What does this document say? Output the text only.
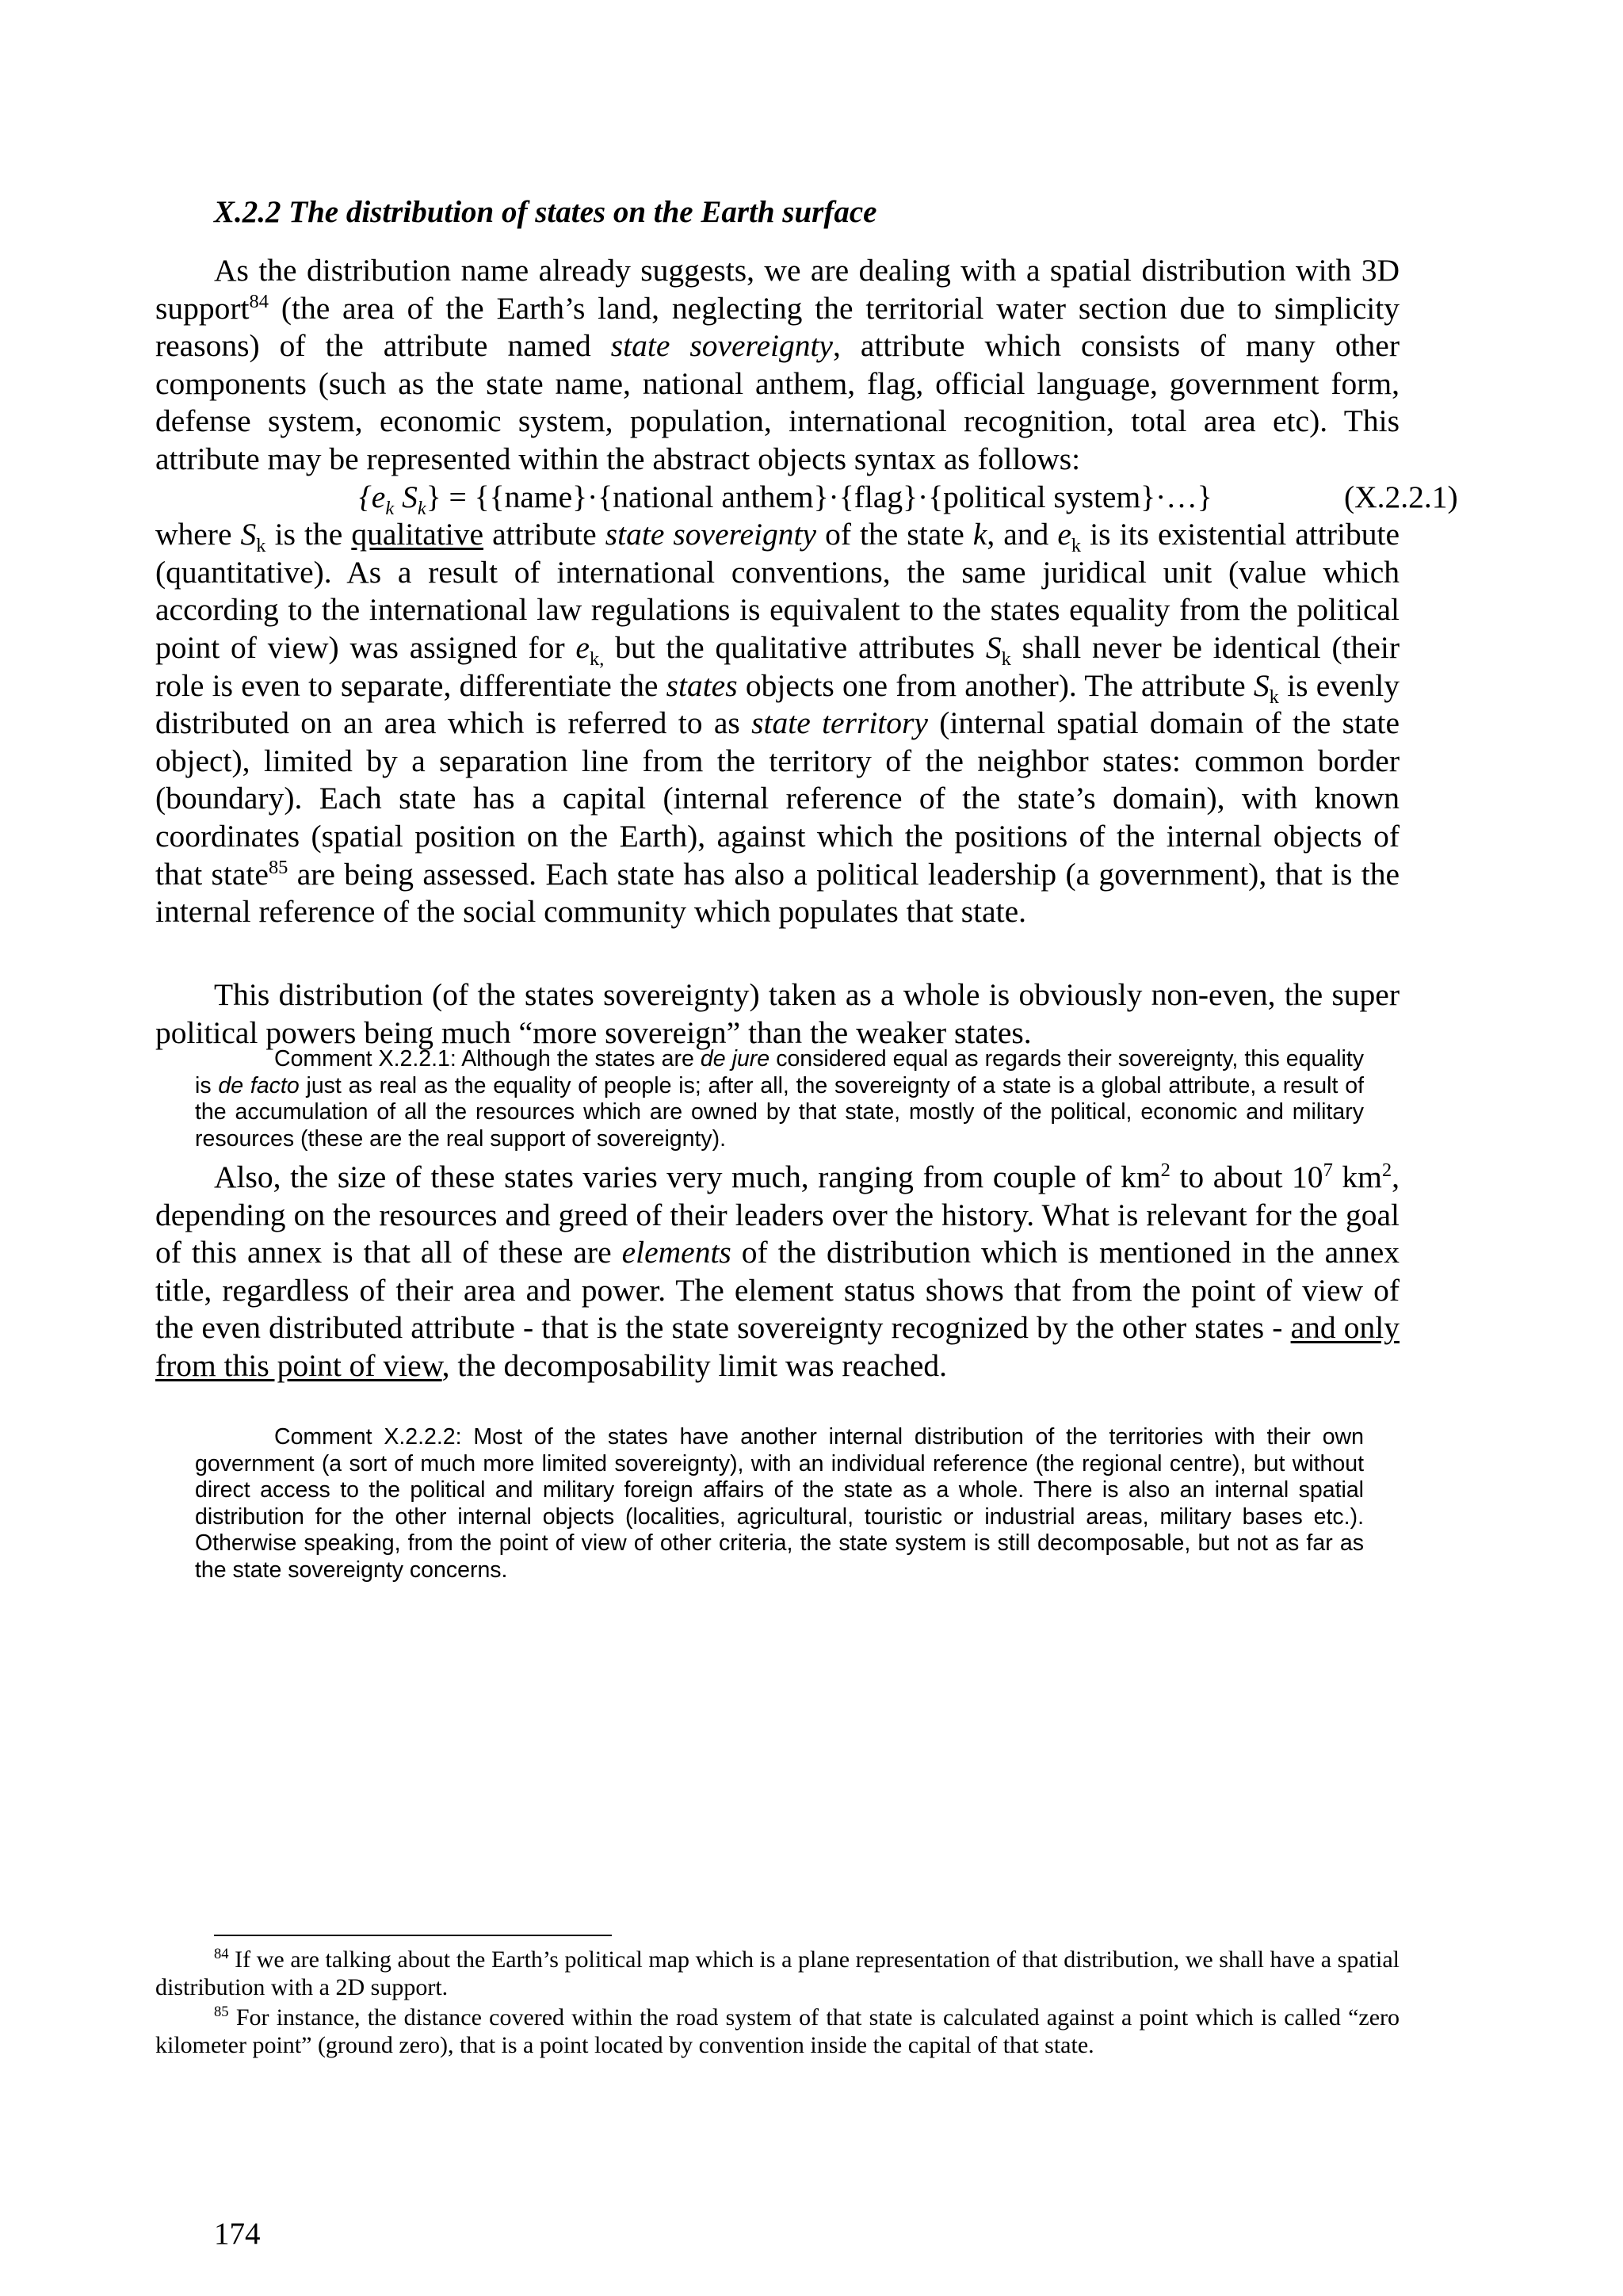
X.2.2 The distribution of states on the Earth surface

As the distribution name already suggests, we are dealing with a spatial distribution with 3D support$^{84}$ (the area of the Earth’s land, neglecting the territorial water section due to simplicity reasons) of the attribute named state sovereignty, attribute which consists of many other components (such as the state name, national anthem, flag, official language, government form, defense system, economic system, population, international recognition, total area etc). This attribute may be represented within the abstract objects syntax as follows:

{$e_k$ $S_k$} = {{name}·{national anthem}·{flag}·{political system}·…}	(X.2.2.1)

where $S_k$ is the qualitative attribute state sovereignty of the state k, and $e_k$ is its existential attribute (quantitative). As a result of international conventions, the same juridical unit (value which according to the international law regulations is equivalent to the states equality from the political point of view) was assigned for $e_{k,}$ but the qualitative attributes $S_k$ shall never be identical (their role is even to separate, differentiate the states objects one from another). The attribute $S_k$ is evenly distributed on an area which is referred to as state territory (internal spatial domain of the state object), limited by a separation line from the territory of the neighbor states: common border (boundary). Each state has a capital (internal reference of the state’s domain), with known coordinates (spatial position on the Earth), against which the positions of the internal objects of that state$^{85}$ are being assessed. Each state has also a political leadership (a government), that is the internal reference of the social community which populates that state.

This distribution (of the states sovereignty) taken as a whole is obviously non-even, the super political powers being much “more sovereign” than the weaker states.

Comment X.2.2.1: Although the states are de jure considered equal as regards their sovereignty, this equality is de facto just as real as the equality of people is; after all, the sovereignty of a state is a global attribute, a result of the accumulation of all the resources which are owned by that state, mostly of the political, economic and military resources (these are the real support of sovereignty).

Also, the size of these states varies very much, ranging from couple of $km^2$ to about $10^7$ $km^2$, depending on the resources and greed of their leaders over the history. What is relevant for the goal of this annex is that all of these are elements of the distribution which is mentioned in the annex title, regardless of their area and power. The element status shows that from the point of view of the even distributed attribute - that is the state sovereignty recognized by the other states - and only from this point of view, the decomposability limit was reached.

Comment X.2.2.2: Most of the states have another internal distribution of the territories with their own government (a sort of much more limited sovereignty), with an individual reference (the regional centre), but without direct access to the political and military foreign affairs of the state as a whole. There is also an internal spatial distribution for the other internal objects (localities, agricultural, touristic or industrial areas, military bases etc.). Otherwise speaking, from the point of view of other criteria, the state system is still decomposable, but not as far as the state sovereignty concerns.

$^{84}$ If we are talking about the Earth’s political map which is a plane representation of that distribution, we shall have a spatial distribution with a 2D support.

$^{85}$ For instance, the distance covered within the road system of that state is calculated against a point which is called “zero kilometer point” (ground zero), that is a point located by convention inside the capital of that state.

174
